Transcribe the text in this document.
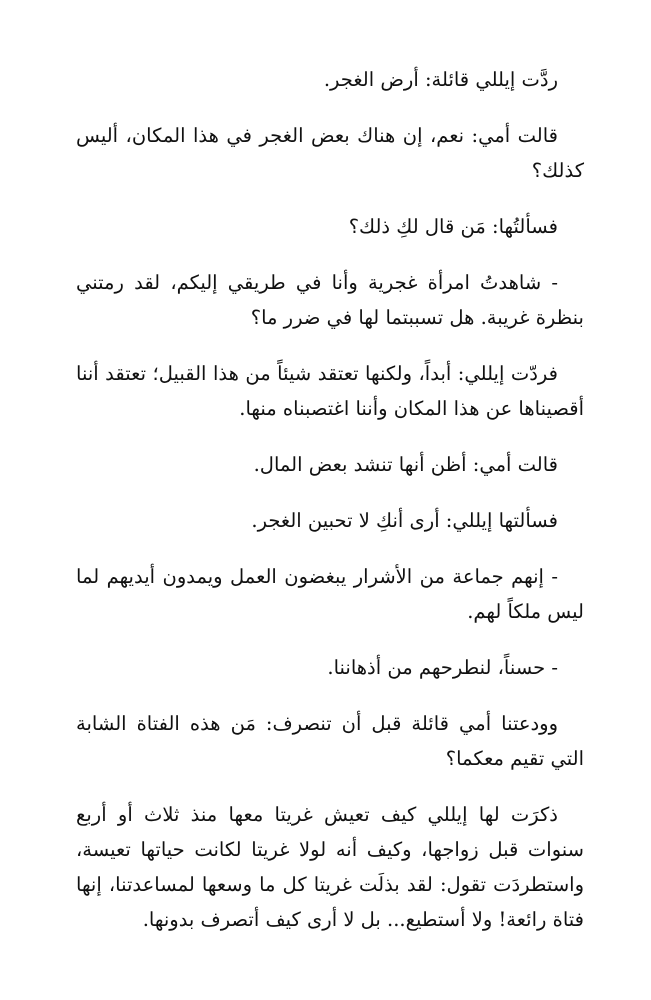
ردَّت إيللي قائلة: أرض الغجر.

قالت أمي: نعم، إن هناك بعض الغجر في هذا المكان، أليس كذلك؟

فسألتُها: مَن قال لكِ ذلك؟

- شاهدتُ امرأة غجرية وأنا في طريقي إليكم، لقد رمتني بنظرة غريبة. هل تسببتما لها في ضرر ما؟

فردّت إيللي: أبداً، ولكنها تعتقد شيئاً من هذا القبيل؛ تعتقد أننا أقصيناها عن هذا المكان وأننا اغتصبناه منها.

قالت أمي: أظن أنها تنشد بعض المال.

فسألتها إيللي: أرى أنكِ لا تحبين الغجر.

- إنهم جماعة من الأشرار يبغضون العمل ويمدون أيديهم لما ليس ملكاً لهم.

- حسناً، لنطرحهم من أذهاننا.

وودعتنا أمي قائلة قبل أن تنصرف: مَن هذه الفتاة الشابة التي تقيم معكما؟

ذكرَت لها إيللي كيف تعيش غريتا معها منذ ثلاث أو أربع سنوات قبل زواجها، وكيف أنه لولا غريتا لكانت حياتها تعيسة، واستطردَت تقول: لقد بذلَت غريتا كل ما وسعها لمساعدتنا، إنها فتاة رائعة! ولا أستطيع... بل لا أرى كيف أتصرف بدونها.
